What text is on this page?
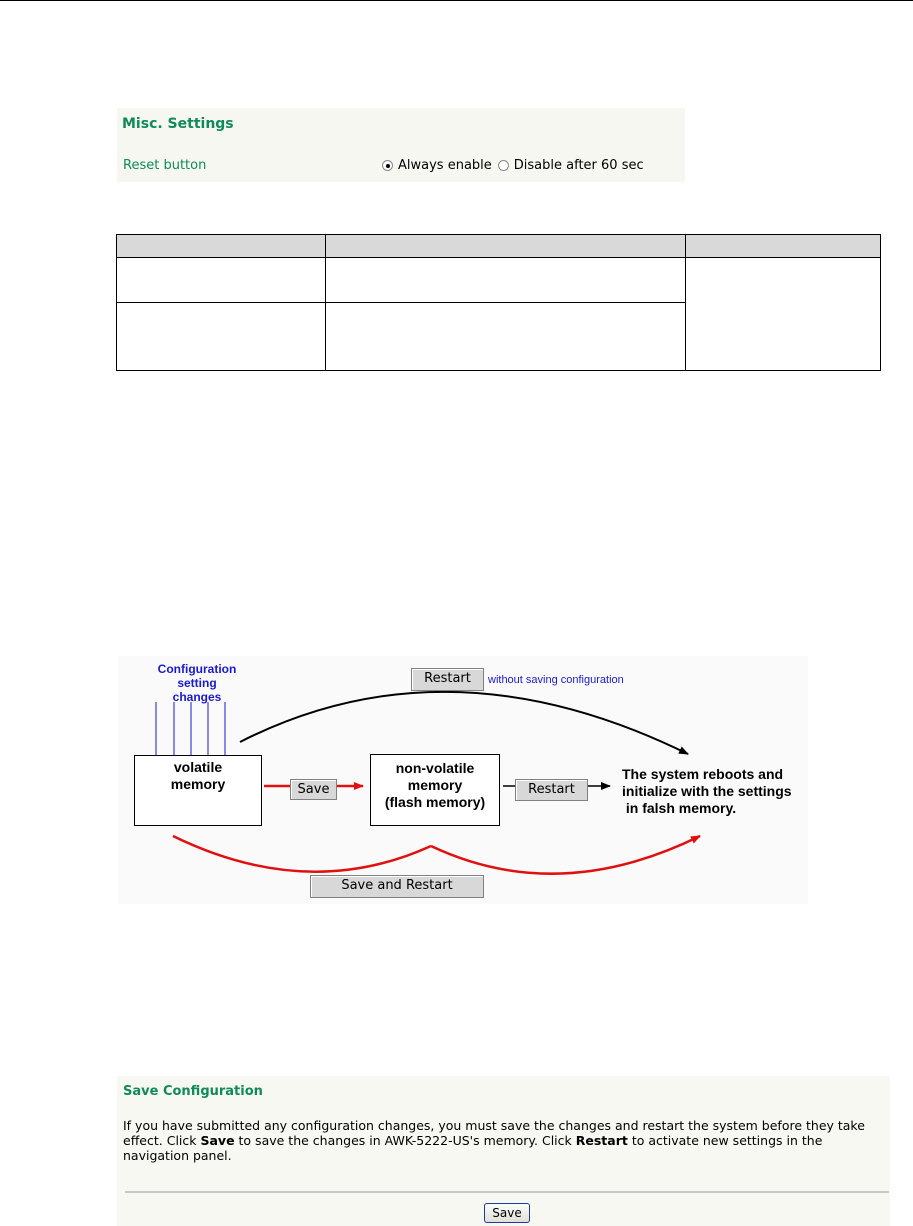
Misc. Settings
Reset button	Always enable Disable after 60 sec

Configuration
setting changes
Restart	without saving configuration
volatile
memory	Save
non-volatile
memory
(flash memory)
Restart
The system reboots and
initialize with the settings
in falsh memory.
Save and Restart
Save Configuration
If you have submitted any configuration changes, you must save the changes and restart the system before they take effect. Click Save to save the changes in AWK-5222-US's memory. Click Restart to activate new settings in the navigation panel.
Save
